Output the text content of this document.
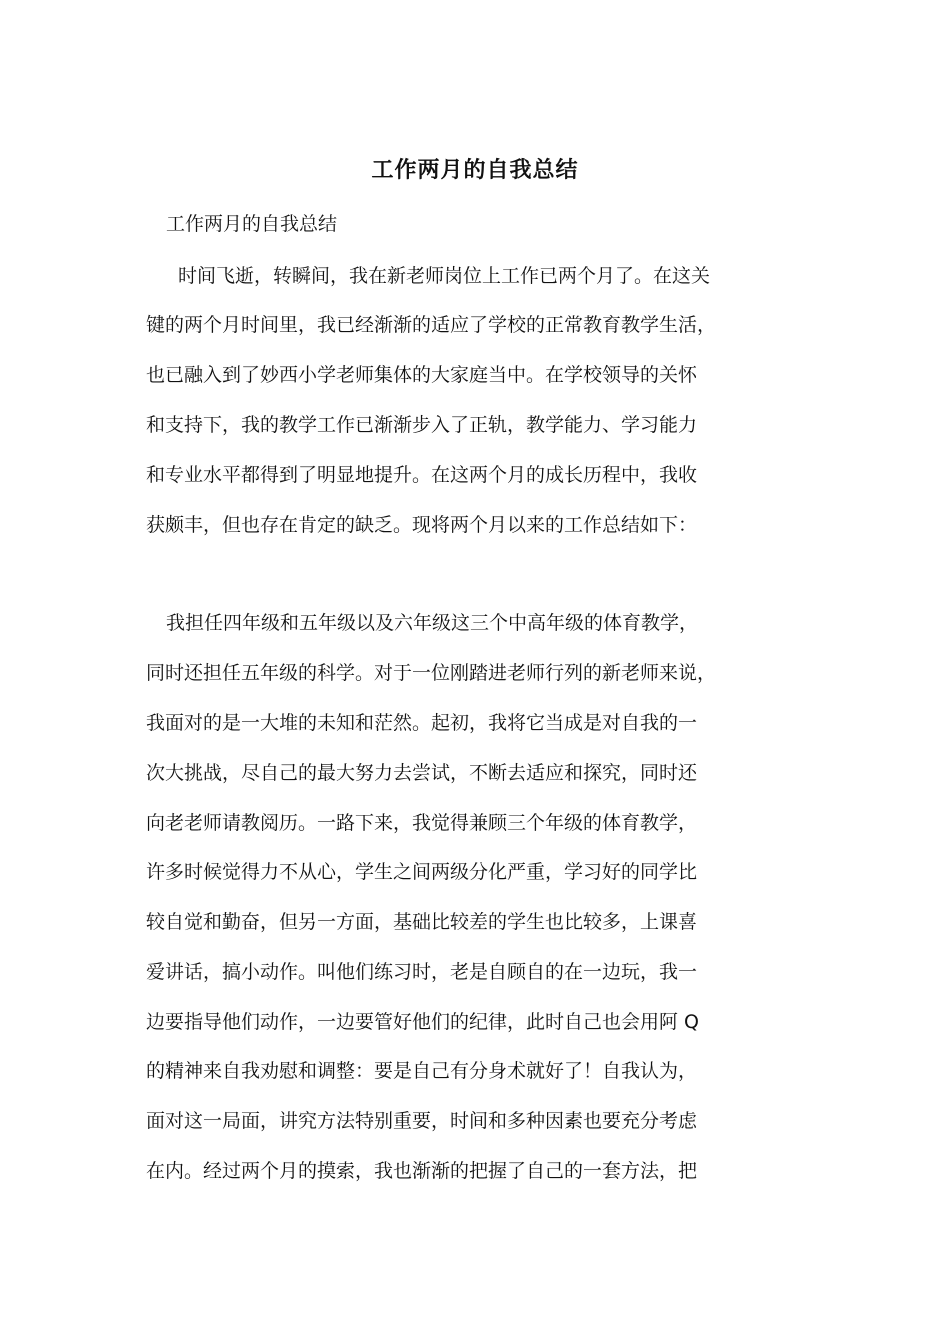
工作两月的自我总结
工作两月的自我总结
时间飞逝，转瞬间，我在新老师岗位上工作已两个月了。在这关
键的两个月时间里，我已经渐渐的适应了学校的正常教育教学生活，
也已融入到了妙西小学老师集体的大家庭当中。在学校领导的关怀
和支持下，我的教学工作已渐渐步入了正轨，教学能力、学习能力
和专业水平都得到了明显地提升。在这两个月的成长历程中，我收
获颇丰，但也存在肯定的缺乏。现将两个月以来的工作总结如下：
我担任四年级和五年级以及六年级这三个中高年级的体育教学，
同时还担任五年级的科学。对于一位刚踏进老师行列的新老师来说，
我面对的是一大堆的未知和茫然。起初，我将它当成是对自我的一
次大挑战，尽自己的最大努力去尝试，不断去适应和探究，同时还
向老老师请教阅历。一路下来，我觉得兼顾三个年级的体育教学，
许多时候觉得力不从心，学生之间两级分化严重，学习好的同学比
较自觉和勤奋，但另一方面，基础比较差的学生也比较多，上课喜
爱讲话，搞小动作。叫他们练习时，老是自顾自的在一边玩，我一
边要指导他们动作，一边要管好他们的纪律，此时自己也会用阿 Q
的精神来自我劝慰和调整：要是自己有分身术就好了！自我认为，
面对这一局面，讲究方法特别重要，时间和多种因素也要充分考虑
在内。经过两个月的摸索，我也渐渐的把握了自己的一套方法，把
